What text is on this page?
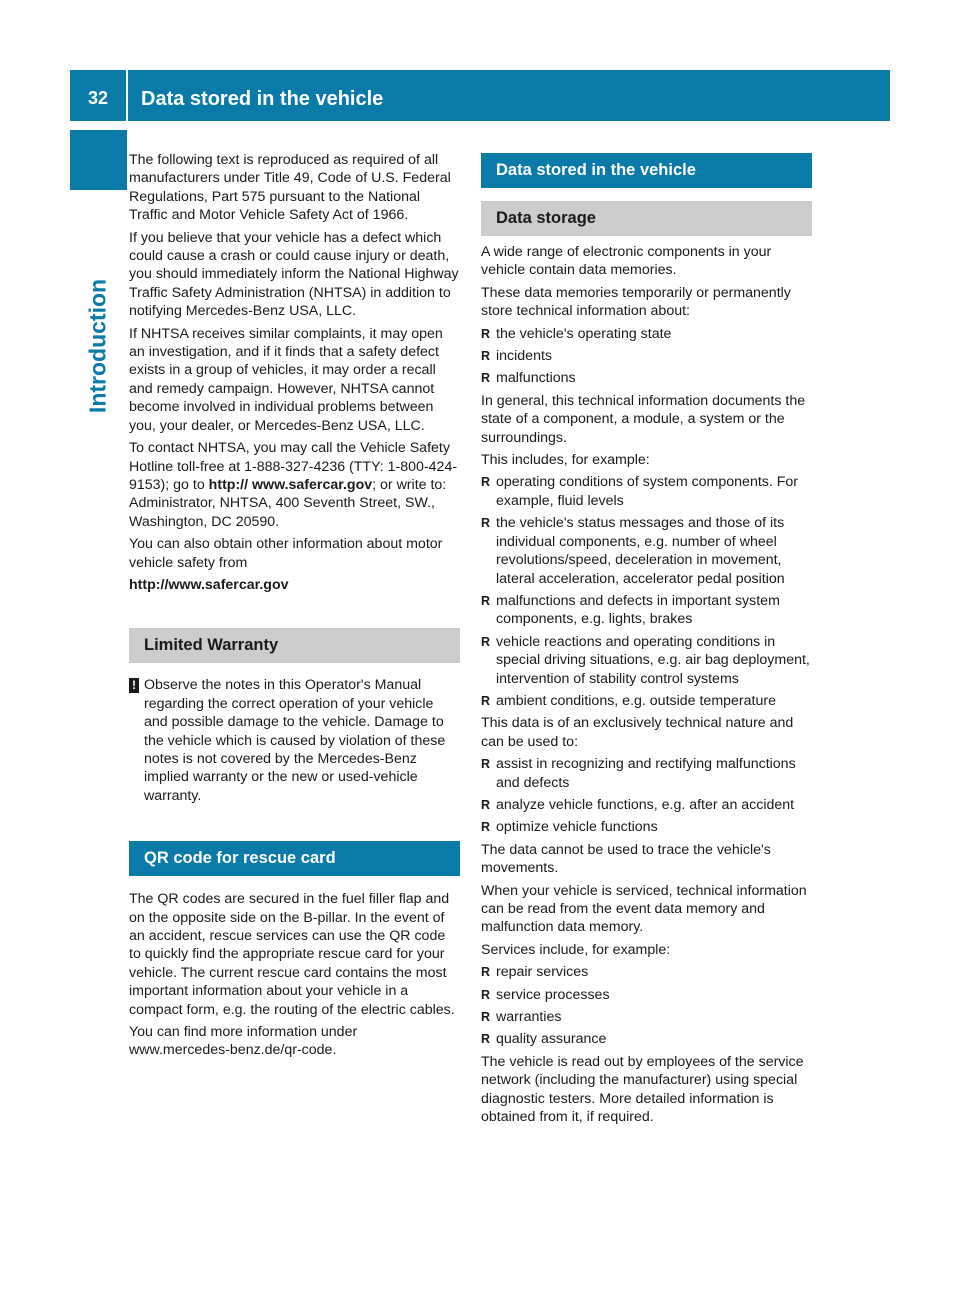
32	Data stored in the vehicle
Introduction

The following text is reproduced as required of all manufacturers under Title 49, Code of U.S. Federal Regulations, Part 575 pursuant to the National Traffic and Motor Vehicle Safety Act of 1966.

If you believe that your vehicle has a defect which could cause a crash or could cause injury or death, you should immediately inform the National Highway Traffic Safety Administration (NHTSA) in addition to notifying Mercedes-Benz USA, LLC.

If NHTSA receives similar complaints, it may open an investigation, and if it finds that a safety defect exists in a group of vehicles, it may order a recall and remedy campaign. However, NHTSA cannot become involved in individual problems between you, your dealer, or Mercedes-Benz USA, LLC.

To contact NHTSA, you may call the Vehicle Safety Hotline toll-free at 1-888-327-4236 (TTY: 1-800-424-9153); go to http:// www.safercar.gov; or write to: Administrator, NHTSA, 400 Seventh Street, SW., Washington, DC 20590.

You can also obtain other information about motor vehicle safety from

http://www.safercar.gov

Limited Warranty
! Observe the notes in this Operator's Manual regarding the correct operation of your vehicle and possible damage to the vehicle. Damage to the vehicle which is caused by violation of these notes is not covered by the Mercedes-Benz implied warranty or the new or used-vehicle warranty.
QR code for rescue card

The QR codes are secured in the fuel filler flap and on the opposite side on the B-pillar. In the event of an accident, rescue services can use the QR code to quickly find the appropriate rescue card for your vehicle. The current rescue card contains the most important information about your vehicle in a compact form, e.g. the routing of the electric cables.

You can find more information under www.mercedes-benz.de/qr-code.

Data stored in the vehicle
Data storage

A wide range of electronic components in your vehicle contain data memories.

These data memories temporarily or permanently store technical information about:

R the vehicle's operating state
R incidents
R malfunctions

In general, this technical information documents the state of a component, a module, a system or the surroundings.

This includes, for example:

R operating conditions of system components. For example, fluid levels
R the vehicle's status messages and those of its individual components, e.g. number of wheel revolutions/speed, deceleration in movement, lateral acceleration, accelerator pedal position
R malfunctions and defects in important system components, e.g. lights, brakes
R vehicle reactions and operating conditions in special driving situations, e.g. air bag deployment, intervention of stability control systems
R ambient conditions, e.g. outside temperature

This data is of an exclusively technical nature and can be used to:

R assist in recognizing and rectifying malfunctions and defects
R analyze vehicle functions, e.g. after an accident
R optimize vehicle functions

The data cannot be used to trace the vehicle's movements.

When your vehicle is serviced, technical information can be read from the event data memory and malfunction data memory.

Services include, for example:

R repair services
R service processes
R warranties
R quality assurance

The vehicle is read out by employees of the service network (including the manufacturer) using special diagnostic testers. More detailed information is obtained from it, if required.
